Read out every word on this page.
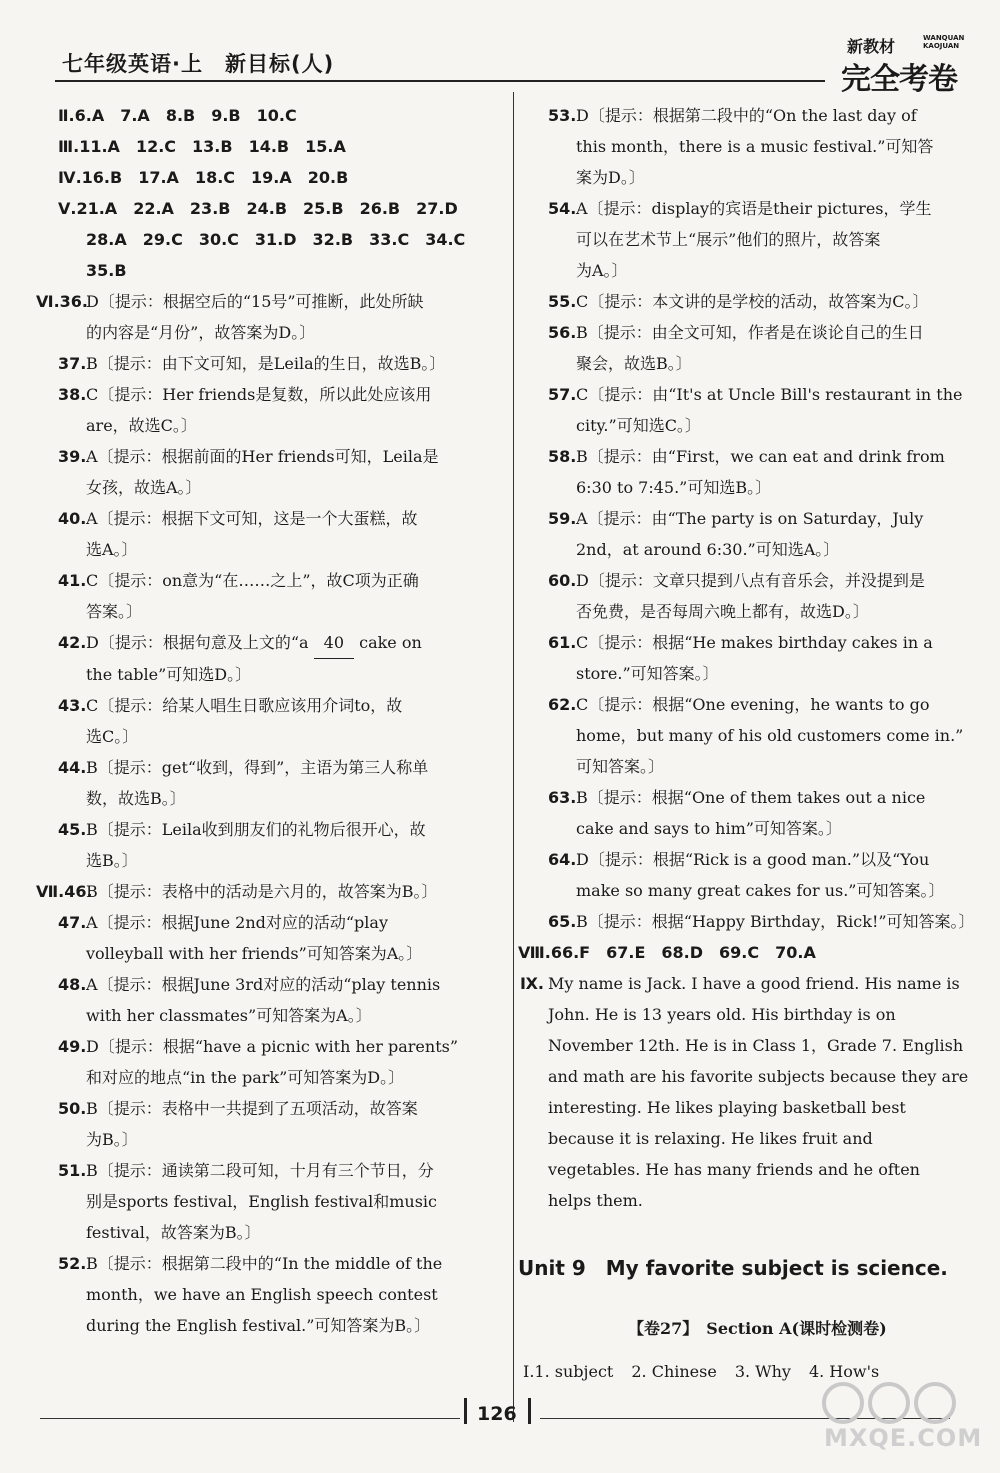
七年级英语·上　新目标(人)
新教材	WANQUAN
KAOJUAN
完全考卷
Ⅱ.6.A 7.A 8.B 9.B 10.C
Ⅲ.11.A 12.C 13.B 14.B 15.A
Ⅳ.16.B 17.A 18.C 19.A 20.B
Ⅴ.21.A 22.A 23.B 24.B 25.B 26.B 27.D
28.A 29.C 30.C 31.D 32.B 33.C 34.C
35.B
Ⅵ.36.
D〔提示：根据空后的“15号”可推断，此处所缺
的内容是“月份”，故答案为D。〕
37. B〔提示：由下文可知，是Leila的生日，故选B。〕
38. C〔提示：Her friends是复数，所以此处应该用
are，故选C。〕
39. A〔提示：根据前面的Her friends可知，Leila是
女孩，故选A。〕
40. A〔提示：根据下文可知，这是一个大蛋糕，故
选A。〕
41. C〔提示：on意为“在……之上”，故C项为正确
答案。〕
42. D〔提示：根据句意及上文的“a 40 cake on
the table”可知选D。〕
43. C〔提示：给某人唱生日歌应该用介词to，故
选C。〕
44. B〔提示：get“收到，得到”，主语为第三人称单
数，故选B。〕
45. B〔提示：Leila收到朋友们的礼物后很开心，故
选B。〕
Ⅶ.46.
B〔提示：表格中的活动是六月的，故答案为B。〕
47. A〔提示：根据June 2nd对应的活动“play
volleyball with her friends”可知答案为A。〕
48. A〔提示：根据June 3rd对应的活动“play tennis
with her classmates”可知答案为A。〕
49. D〔提示：根据“have a picnic with her parents”
和对应的地点“in the park”可知答案为D。〕
50. B〔提示：表格中一共提到了五项活动，故答案
为B。〕
51. B〔提示：通读第二段可知，十月有三个节日，分
别是sports festival，English festival和music
festival，故答案为B。〕
52. B〔提示：根据第二段中的“In the middle of the
month，we have an English speech contest
during the English festival.”可知答案为B。〕
53. D〔提示：根据第二段中的“On the last day of
this month，there is a music festival.”可知答
案为D。〕
54. A〔提示：display的宾语是their pictures，学生
可以在艺术节上“展示”他们的照片，故答案
为A。〕
55. C〔提示：本文讲的是学校的活动，故答案为C。〕
56. B〔提示：由全文可知，作者是在谈论自己的生日
聚会，故选B。〕
57. C〔提示：由“It's at Uncle Bill's restaurant in the
city.”可知选C。〕
58. B〔提示：由“First，we can eat and drink from
6:30 to 7:45.”可知选B。〕
59. A〔提示：由“The party is on Saturday，July
2nd，at around 6:30.”可知选A。〕
60. D〔提示：文章只提到八点有音乐会，并没提到是
否免费，是否每周六晚上都有，故选D。〕
61. C〔提示：根据“He makes birthday cakes in a
store.”可知答案。〕
62. C〔提示：根据“One evening，he wants to go
home，but many of his old customers come in.”
可知答案。〕
63. B〔提示：根据“One of them takes out a nice
cake and says to him”可知答案。〕
64. D〔提示：根据“Rick is a good man.”以及“You
make so many great cakes for us.”可知答案。〕
65. B〔提示：根据“Happy Birthday，Rick!”可知答案。〕
Ⅷ.66.F 67.E 68.D 69.C 70.A
Ⅸ. My name is Jack. I have a good friend. His name is
John. He is 13 years old. His birthday is on
November 12th. He is in Class 1，Grade 7. English
and math are his favorite subjects because they are
interesting. He likes playing basketball best
because it is relaxing. He likes fruit and
vegetables. He has many friends and he often
helps them.
Unit 9　My favorite subject is science.
【卷27】　Section A(课时检测卷)
Ⅰ.1. subject 2. Chinese 3. Why 4. How's
126
MXQE.COM
